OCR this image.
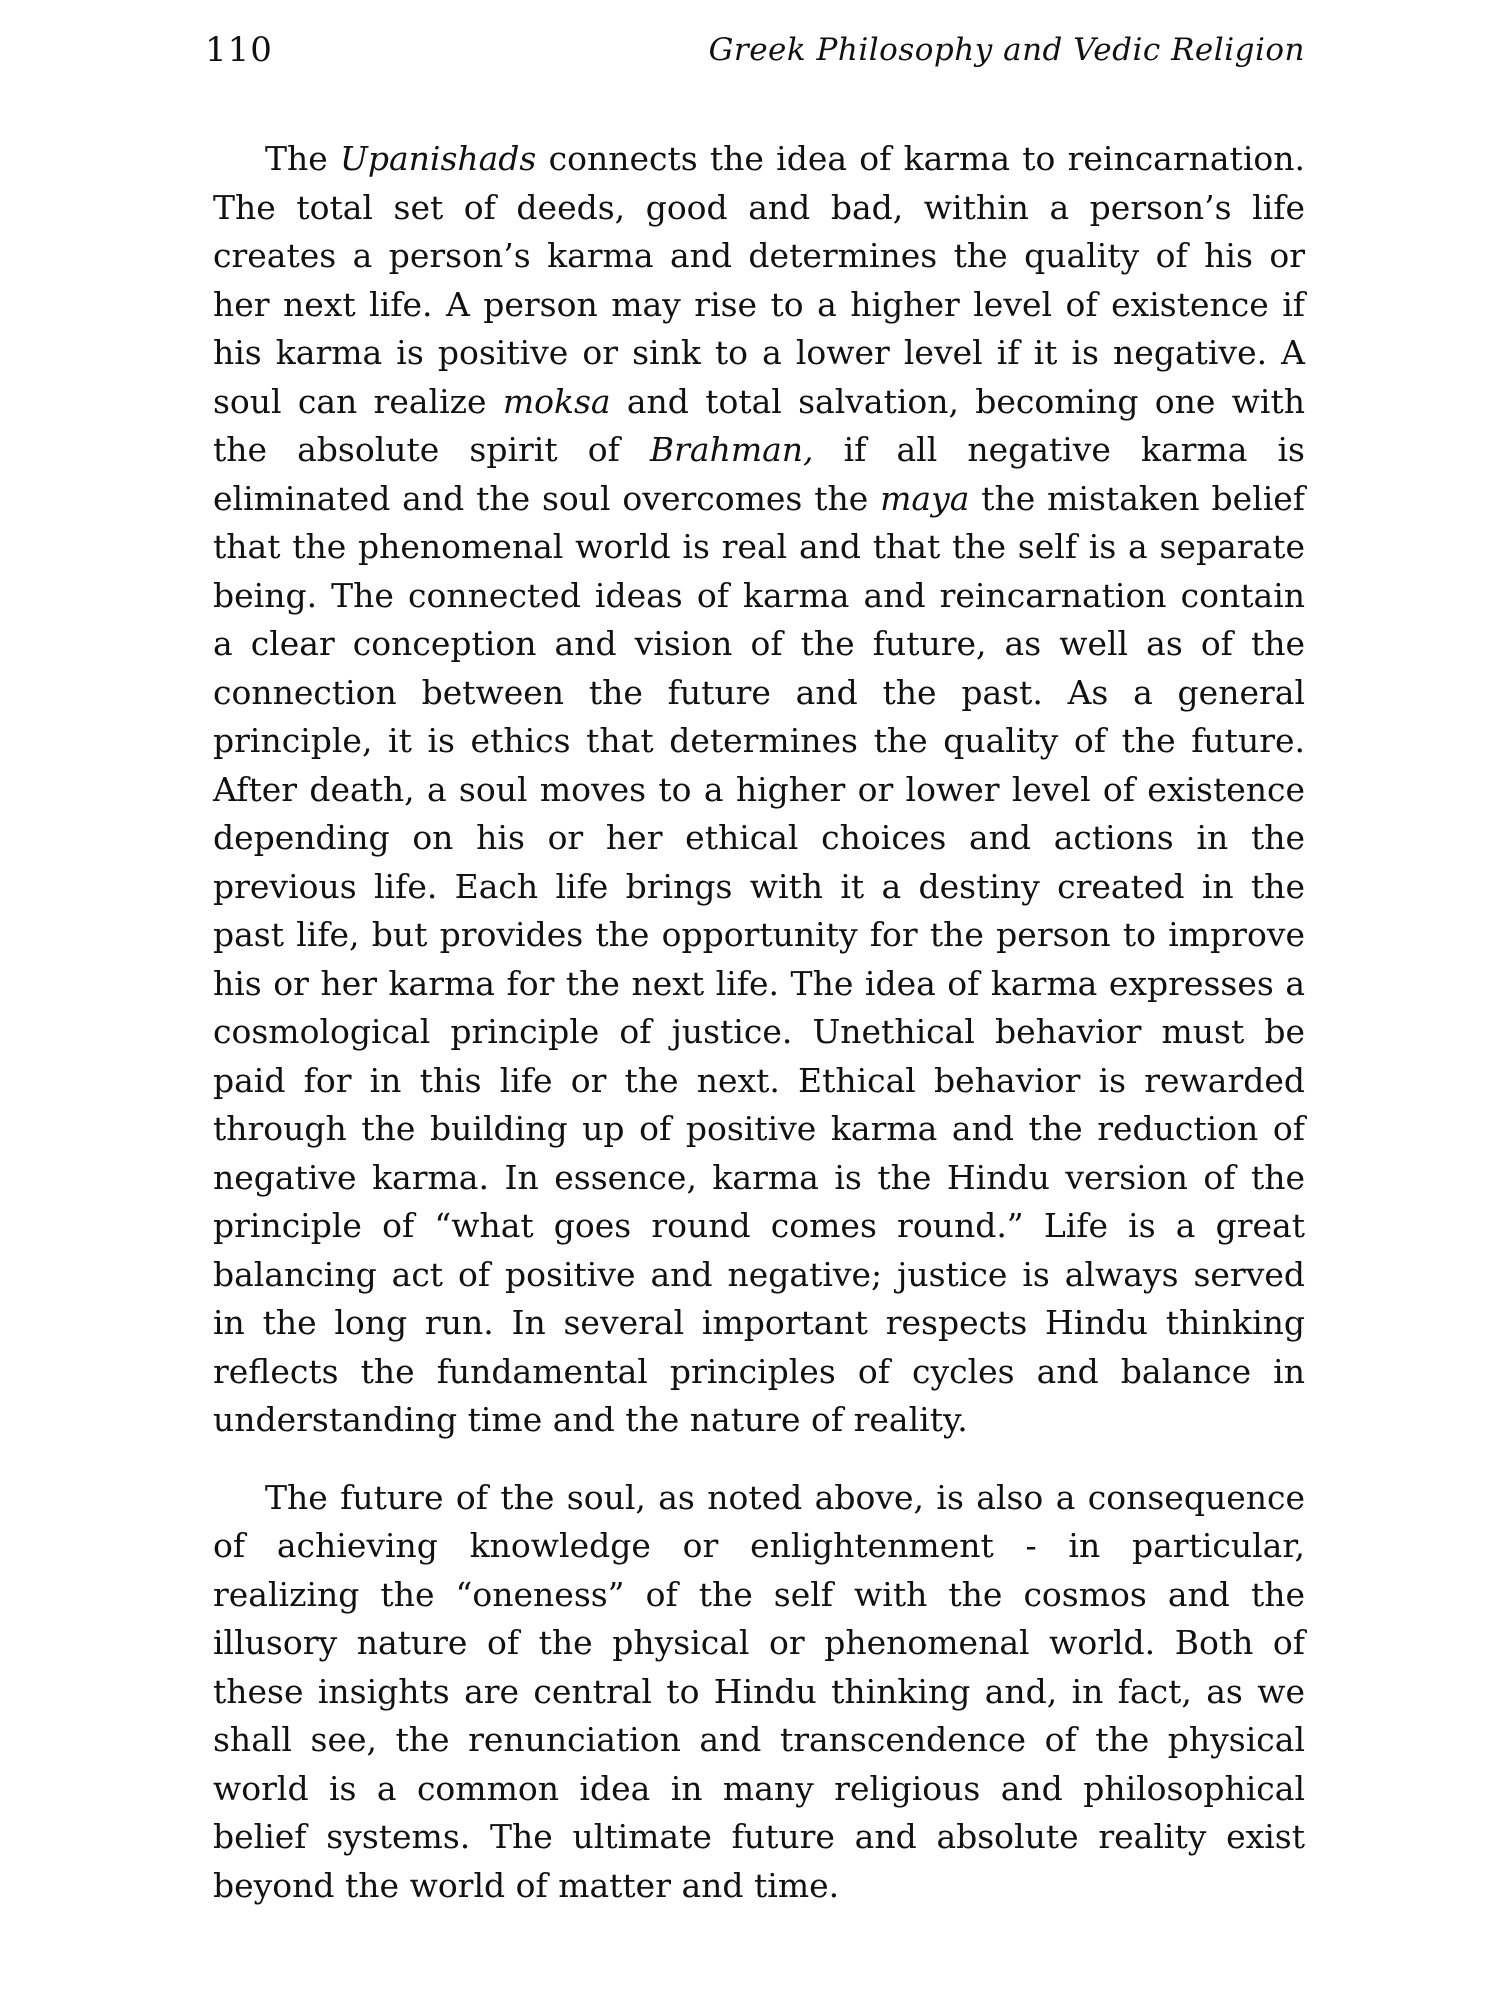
110	Greek Philosophy and Vedic Religion

The Upanishads connects the idea of karma to reincarnation. The total set of deeds, good and bad, within a person’s life creates a person’s karma and determines the quality of his or her next life. A person may rise to a higher level of existence if his karma is positive or sink to a lower level if it is negative. A soul can realize moksa and total salvation, becoming one with the absolute spirit of Brahman, if all negative karma is eliminated and the soul overcomes the maya the mistaken belief that the phenomenal world is real and that the self is a separate being. The connected ideas of karma and reincarnation contain a clear conception and vision of the future, as well as of the connection between the future and the past. As a general principle, it is ethics that determines the quality of the future. After death, a soul moves to a higher or lower level of existence depending on his or her ethical choices and actions in the previous life. Each life brings with it a destiny created in the past life, but provides the opportunity for the person to improve his or her karma for the next life. The idea of karma expresses a cosmological principle of justice. Unethical behavior must be paid for in this life or the next. Ethical behavior is rewarded through the building up of positive karma and the reduction of negative karma. In essence, karma is the Hindu version of the principle of “what goes round comes round.” Life is a great balancing act of positive and negative; justice is always served in the long run. In several important respects Hindu thinking reflects the fundamental principles of cycles and balance in understanding time and the nature of reality.

The future of the soul, as noted above, is also a consequence of achieving knowledge or enlightenment - in particular, realizing the “oneness” of the self with the cosmos and the illusory nature of the physical or phenomenal world. Both of these insights are central to Hindu thinking and, in fact, as we shall see, the renunciation and transcendence of the physical world is a common idea in many religious and philosophical belief systems. The ultimate future and absolute reality exist beyond the world of matter and time.
